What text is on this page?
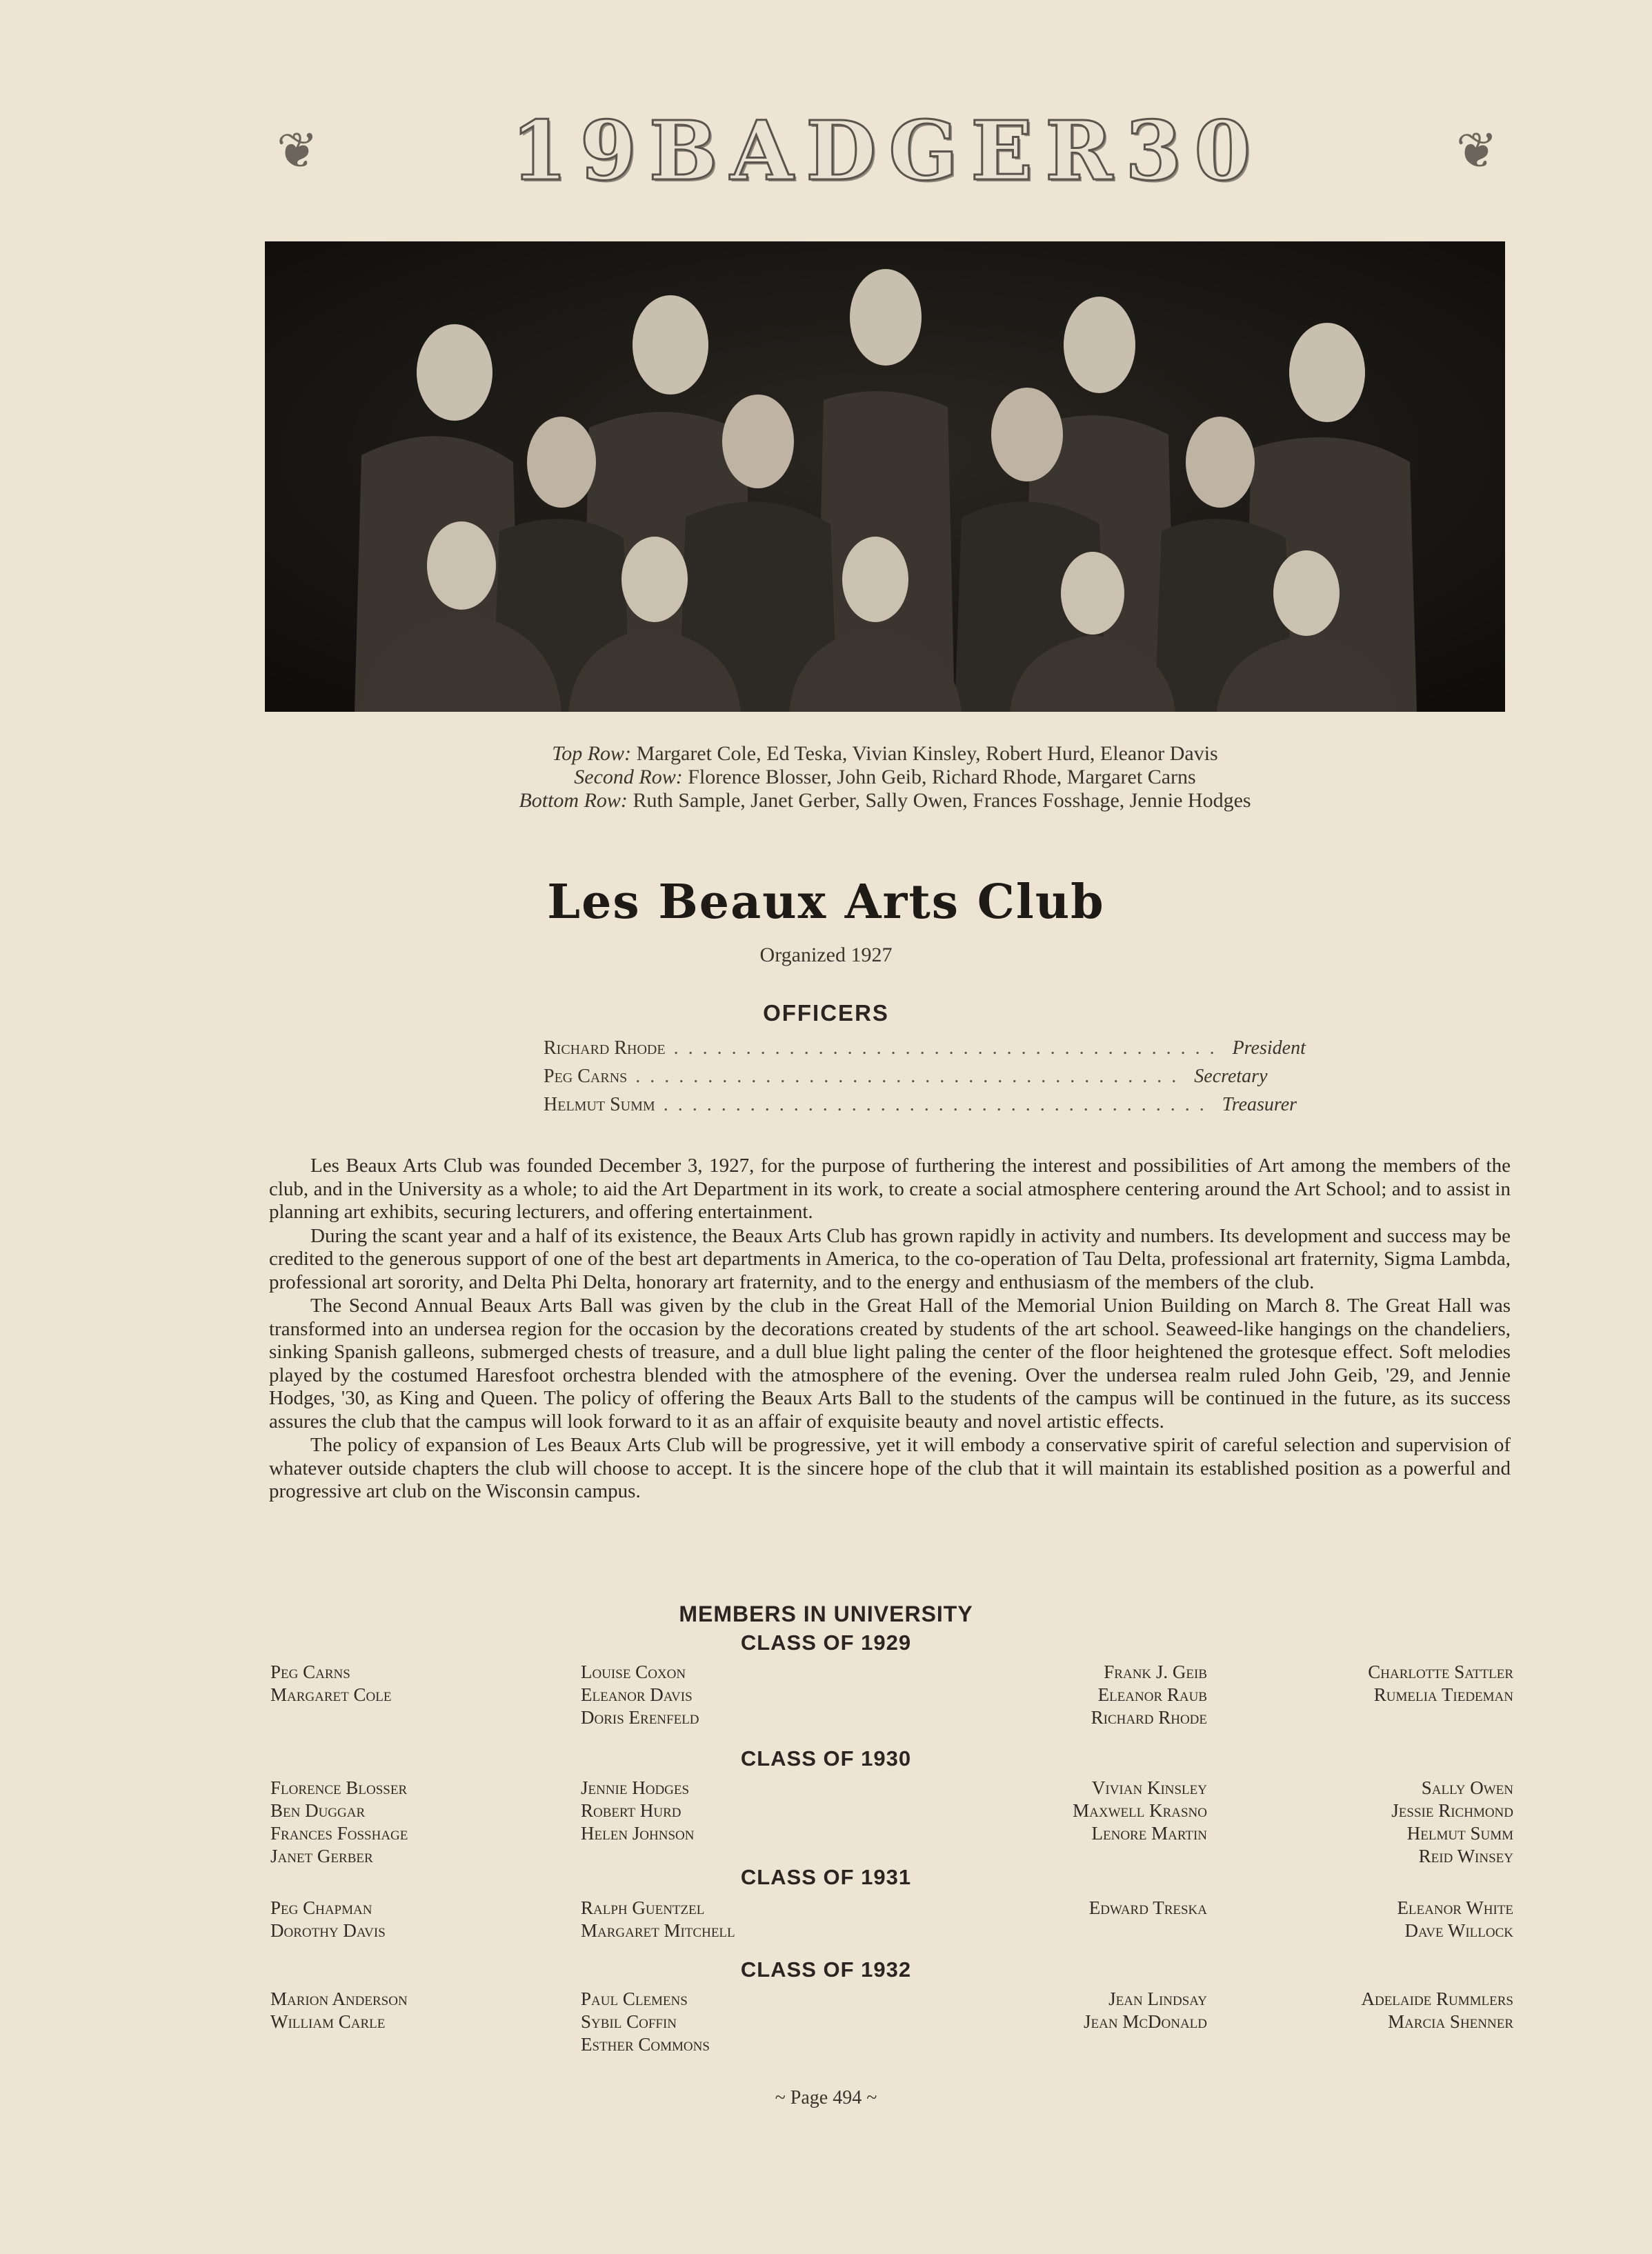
❦	19BADGER30	❦
Top Row: Margaret Cole, Ed Teska, Vivian Kinsley, Robert Hurd, Eleanor Davis
Second Row: Florence Blosser, John Geib, Richard Rhode, Margaret Carns
Bottom Row: Ruth Sample, Janet Gerber, Sally Owen, Frances Fosshage, Jennie Hodges
Les Beaux Arts Club
Organized 1927
OFFICERS
Richard Rhode ...................................... President
Peg Carns ...................................... Secretary
Helmut Summ ...................................... Treasurer

Les Beaux Arts Club was founded December 3, 1927, for the purpose of furthering the interest and possibilities of Art among the members of the club, and in the University as a whole; to aid the Art Department in its work, to create a social atmosphere centering around the Art School; and to assist in planning art exhibits, securing lecturers, and offering entertainment.

During the scant year and a half of its existence, the Beaux Arts Club has grown rapidly in activity and numbers. Its development and success may be credited to the generous support of one of the best art departments in America, to the co-operation of Tau Delta, professional art fraternity, Sigma Lambda, professional art sorority, and Delta Phi Delta, honorary art fraternity, and to the energy and enthusiasm of the members of the club.

The Second Annual Beaux Arts Ball was given by the club in the Great Hall of the Memorial Union Building on March 8. The Great Hall was transformed into an undersea region for the occasion by the decorations created by students of the art school. Seaweed-like hangings on the chandeliers, sinking Spanish galleons, submerged chests of treasure, and a dull blue light paling the center of the floor heightened the grotesque effect. Soft melodies played by the costumed Haresfoot orchestra blended with the atmosphere of the evening. Over the undersea realm ruled John Geib, '29, and Jennie Hodges, '30, as King and Queen. The policy of offering the Beaux Arts Ball to the students of the campus will be continued in the future, as its success assures the club that the campus will look forward to it as an affair of exquisite beauty and novel artistic effects.

The policy of expansion of Les Beaux Arts Club will be progressive, yet it will embody a conservative spirit of careful selection and supervision of whatever outside chapters the club will choose to accept. It is the sincere hope of the club that it will maintain its established position as a powerful and progressive art club on the Wisconsin campus.

MEMBERS IN UNIVERSITY
CLASS OF 1929
Peg Carns
Margaret Cole
Louise Coxon
Eleanor Davis
Doris Erenfeld
Frank J. Geib
Eleanor Raub
Richard Rhode
Charlotte Sattler
Rumelia Tiedeman
CLASS OF 1930
Florence Blosser
Ben Duggar
Frances Fosshage
Janet Gerber
Jennie Hodges
Robert Hurd
Helen Johnson
Vivian Kinsley
Maxwell Krasno
Lenore Martin
Sally Owen
Jessie Richmond
Helmut Summ
Reid Winsey
CLASS OF 1931
Peg Chapman
Dorothy Davis
Ralph Guentzel
Margaret Mitchell
Edward Treska	Eleanor White
Dave Willock
CLASS OF 1932
Marion Anderson
William Carle
Paul Clemens
Sybil Coffin
Esther Commons
Jean Lindsay
Jean McDonald
Adelaide Rummlers
Marcia Shenner
~ Page 494 ~
